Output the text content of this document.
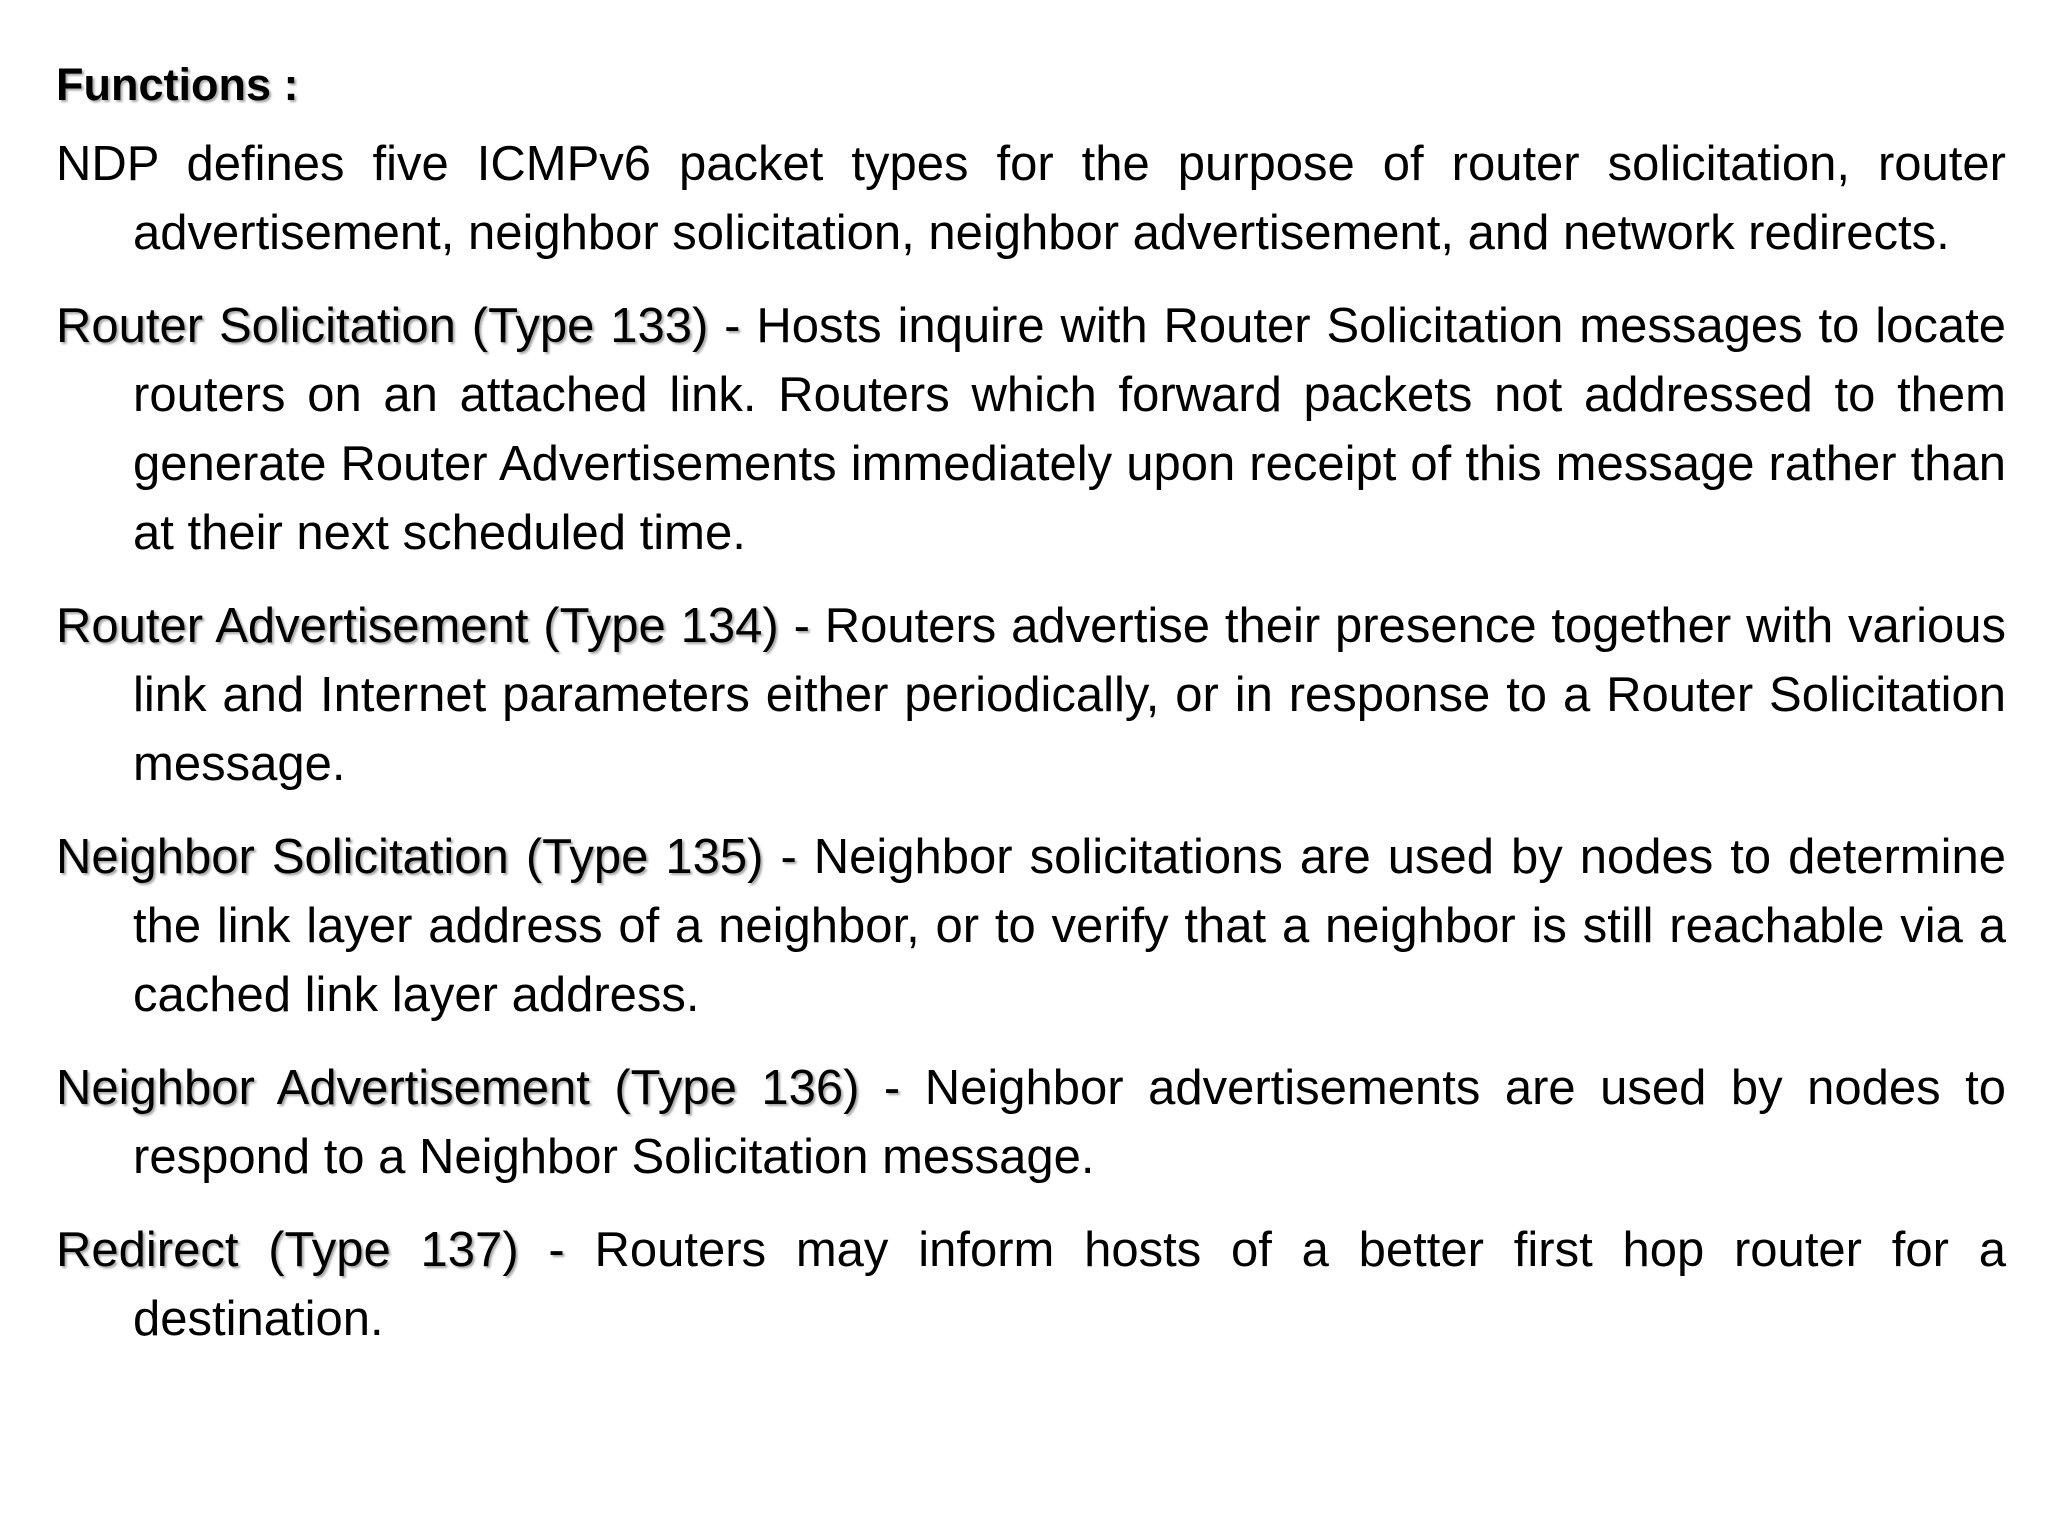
Functions :

NDP defines five ICMPv6 packet types for the purpose of router solicitation, router advertisement, neighbor solicitation, neighbor advertisement, and network redirects.

Router Solicitation (Type 133) - Hosts inquire with Router Solicitation messages to locate routers on an attached link. Routers which forward packets not addressed to them generate Router Advertisements immediately upon receipt of this message rather than at their next scheduled time.

Router Advertisement (Type 134) - Routers advertise their presence together with various link and Internet parameters either periodically, or in response to a Router Solicitation message.

Neighbor Solicitation (Type 135) - Neighbor solicitations are used by nodes to determine the link layer address of a neighbor, or to verify that a neighbor is still reachable via a cached link layer address.

Neighbor Advertisement (Type 136) - Neighbor advertisements are used by nodes to respond to a Neighbor Solicitation message.

Redirect (Type 137) - Routers may inform hosts of a better first hop router for a destination.
